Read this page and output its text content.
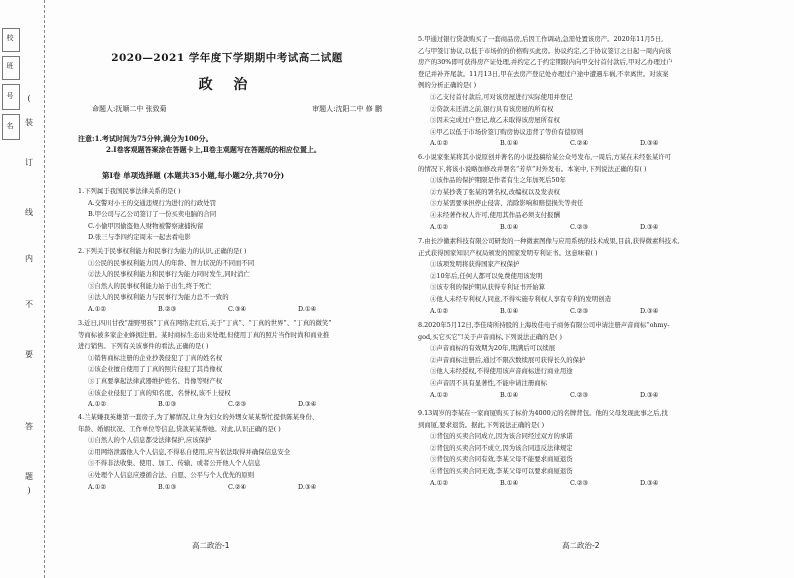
校
班
号
名
(
装
订
线
内
不
要
答
题
)
2020—2021 学年度下学期期中考试高二试题
政 治
命题人:抚顺二中 张致菊	审题人:沈阳二中 修 鹏
注意:1.考试时间为75分钟,满分为100分。
2.Ⅰ卷客观题答案涂在答题卡上,Ⅱ卷主观题写在答题纸的相应位置上。
第Ⅰ卷 单项选择题 (本题共35小题,每小题2分,共70分)
1.下列属于我国民事法律关系的是( )
A.交警对小王的交通违规行为进行的行政处罚
B.甲公司与乙公司签订了一份买卖电脑的合同
C.小偷甲因偷盗他人财物被警察逮捕拘留
D.张三与李四约定周末一起去看电影
2.下列关于民事权利能力和民事行为能力的认识,正确的是( )
①公民的民事权利能力因人的年龄、智力状况的不同而不同
②法人的民事权利能力和民事行为能力同时发生,同时消亡
③自然人的民事权利能力始于出生,终于死亡
④法人的民事权利能力与民事行为能力总不一致的
A.①②	B.②③	C.③④	D.①④
3.近日,四川甘孜“甜野男孩”丁真在网络走红后,关于“丁真”、“丁真的世界”、“丁真的微笑”
等商标被多家企业蜂拥注册。某时商标生态出来处理,但使用丁真的照片当作时尚和商业推
进行销售。下列有关该事件的看法,正确的是( )
①销售商标注册的企业抄袭侵犯了丁真的姓名权
②该企业擅自使用了丁真的照片侵犯了其肖像权
③丁真要拿起法律武器维护姓名、肖像等财产权
④该企业侵犯了丁真的知名度、名誉权,该不上侵权
A.①②	B.①③	C.②③	D.③④
4.兰某嫌我英雄第一套房子,为了解情况,让身为妇女的外甥女某某帮忙提供陈某身份、
年龄、婚姻状况、工作单位等信息,贷款某某帮她。对此,认识正确的是( )
①自然人的个人信息都受法律保护,应该保护
②用网络泄露他人个人信息,不得私自使用,应当依法取得并确保信息安全
③不得非法收集、使用、加工、传输、或者公开他人个人信息
④处理个人信息应遵循合法、自愿、公平与个人优先的原则
A.①②	B.①③	C.②④	D.③④
高二政治-1
5.甲通过银行贷款购买了一套商品房,后因工作调动,急需处置该房产。2020年11月5日,
乙与甲签订协议,以低于市场价的价格购买此房。协议约定,乙于协议签订之日起一周内向该
房产的30%即可获得房产证处理,并约定乙于约定期限内向甲交付首付款后,甲对乙办理过户
登记并补齐尾款。11月13日,甲在去房产登记处办理过户途中遭遇车祸,不幸离世。对该案
例的分析正确的是( )
①乙支付首付款后,可对该房屋进行实际使用并登记
②贷款未还清之前,银行具有该房屋的所有权
③因未完成过户登记,故乙未取得该房屋所有权
④甲乙以低于市场价签订购房协议违背了等价有偿原则
A.①②	B.①④	C.②④	D.③④
6.小说家张某将其小说原创并著名的小说投稿给某公众号发布,一周后,方某在未经张某许可
的情况下,将该小说略加修改并署名“芳草”对外发布。本案中,下列说法正确的有( )
①该作品的保护期限是作者有生之年加死后50年
②方某抄袭了张某的署名权,改编权以及发表权
③方某需要承担停止侵害、消除影响和赔偿损失等责任
④未经著作权人许可,使用其作品必须支付报酬
A.①②	B.①④	C.②③	D.③④
7.由长沙徽素科技有限公司研发的一种微素图像与应用系统的技术成果,目前,获得微素科技术,
正式获得国家知识产权局颁发的国家发明专利证书。这意味着( )
①该项发明将获得国家产权保护
②10年后,任何人都可以免费使用该发明
③该专利的保护期从获得专利证书开始算
④他人未经专利权人同意,不得实施专利权人享有专利的发明创造
A.①②	B.①④	C.②③	D.③④
8.2020年5月12日,李佳琦所持股的上海妆佳电子商务有限公司申请注册声音商标“ohmy-
god,买它买它”!关于声音商标,下列说法正确的是( )
①声音商标的有效期为20年,期满后可以续展
②声音商标注册后,通过不限次数续展可获得长久的保护
③他人未经授权,不得使用该声音商标进行商业用途
④声音因不具有显著性,不能申请注册商标
A.①②	B.①④	C.②③	D.③④
9.13周岁的李某在一家商厦购买了标价为4000元的名牌背包。他的父母发现此事之后,找
到商厦,要求退货。据此,下列说法正确的是( )
①背包的买卖合同成立,因为该合同经过双方的承诺
②背包的买卖合同不成立,因为该合同违反法律规定
③背包的买卖合同有效,李某父母不能要求商厦退货
④背包的买卖合同无效,李某父母可以要求商厦退货
A.①②	B.①④	C.②③	D.③④
高二政治-2
